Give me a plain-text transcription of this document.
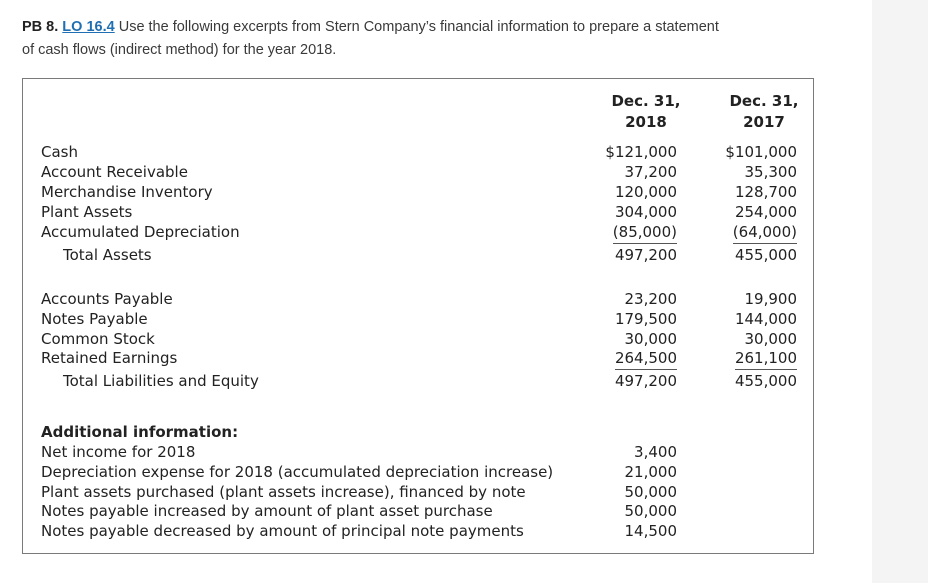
PB 8. LO 16.4 Use the following excerpts from Stern Company’s financial information to prepare a statement
of cash flows (indirect method) for the year 2018.
Dec. 31,
2018
Dec. 31,
2017
Cash	$121,000	$101,000
Account Receivable	37,200	35,300
Merchandise Inventory	120,000	128,700
Plant Assets	304,000	254,000
Accumulated Depreciation	(85,000)	(64,000)
Total Assets	497,200	455,000
Accounts Payable	23,200	19,900
Notes Payable	179,500	144,000
Common Stock	30,000	30,000
Retained Earnings	264,500	261,100
Total Liabilities and Equity	497,200	455,000
Additional information:
Net income for 2018	3,400
Depreciation expense for 2018 (accumulated depreciation increase)	21,000
Plant assets purchased (plant assets increase), financed by note	50,000
Notes payable increased by amount of plant asset purchase	50,000
Notes payable decreased by amount of principal note payments	14,500
